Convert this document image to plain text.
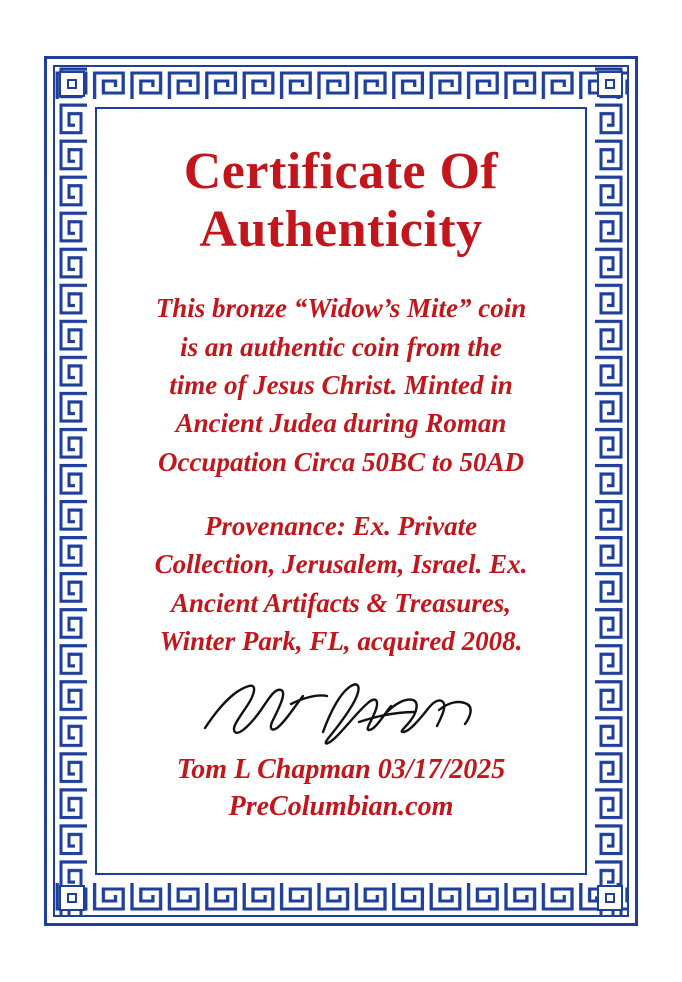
Certificate Of
Authenticity
This bronze “Widow’s Mite” coin
is an authentic coin from the
time of Jesus Christ. Minted in
Ancient Judea during Roman
Occupation Circa 50BC to 50AD
Provenance: Ex. Private
Collection, Jerusalem, Israel. Ex.
Ancient Artifacts & Treasures,
Winter Park, FL, acquired 2008.
Tom L Chapman 03/17/2025
PreColumbian.com
